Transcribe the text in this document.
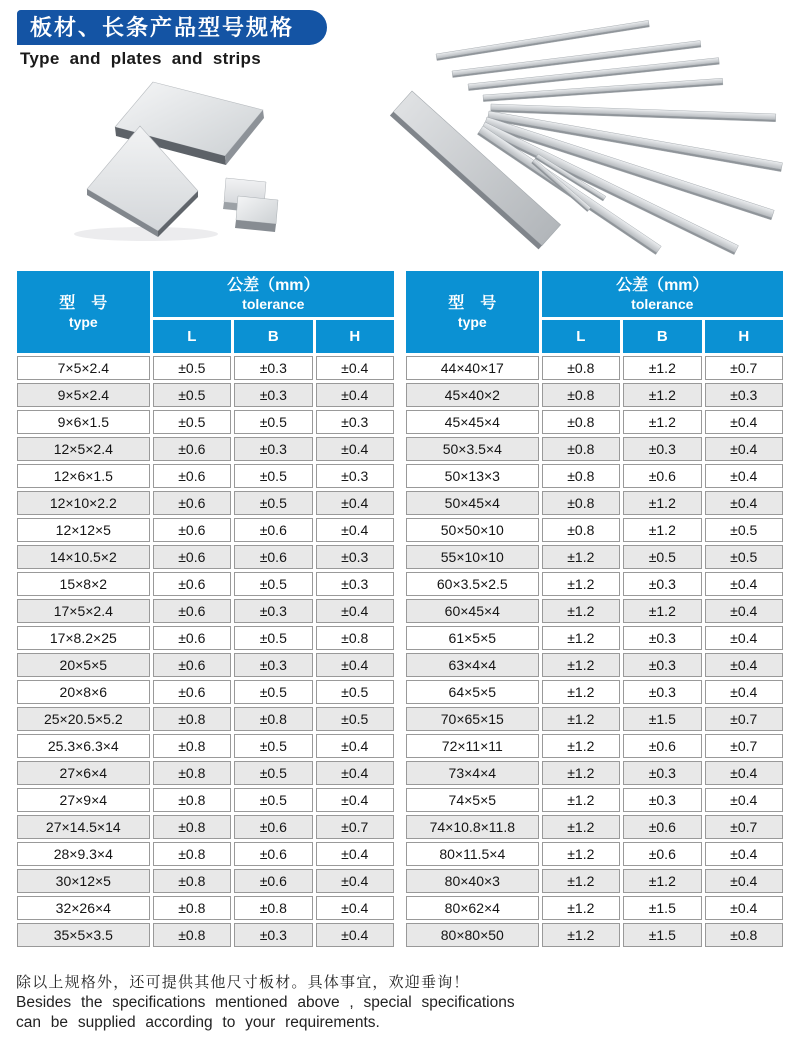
板材、长条产品型号规格
Type and plates and strips
型　号
type

公差（mm）
tolerance

	L	B	H
7×5×2.4	±0.5	±0.3	±0.4
9×5×2.4	±0.5	±0.3	±0.4
9×6×1.5	±0.5	±0.5	±0.3
12×5×2.4	±0.6	±0.3	±0.4
12×6×1.5	±0.6	±0.5	±0.3
12×10×2.2	±0.6	±0.5	±0.4
12×12×5	±0.6	±0.6	±0.4
14×10.5×2	±0.6	±0.6	±0.3
15×8×2	±0.6	±0.5	±0.3
17×5×2.4	±0.6	±0.3	±0.4
17×8.2×25	±0.6	±0.5	±0.8
20×5×5	±0.6	±0.3	±0.4
20×8×6	±0.6	±0.5	±0.5
25×20.5×5.2	±0.8	±0.8	±0.5
25.3×6.3×4	±0.8	±0.5	±0.4
27×6×4	±0.8	±0.5	±0.4
27×9×4	±0.8	±0.5	±0.4
27×14.5×14	±0.8	±0.6	±0.7
28×9.3×4	±0.8	±0.6	±0.4
30×12×5	±0.8	±0.6	±0.4
32×26×4	±0.8	±0.8	±0.4
35×5×3.5	±0.8	±0.3	±0.4
型　号
type

公差（mm）
tolerance

	L	B	H
44×40×17	±0.8	±1.2	±0.7
45×40×2	±0.8	±1.2	±0.3
45×45×4	±0.8	±1.2	±0.4
50×3.5×4	±0.8	±0.3	±0.4
50×13×3	±0.8	±0.6	±0.4
50×45×4	±0.8	±1.2	±0.4
50×50×10	±0.8	±1.2	±0.5
55×10×10	±1.2	±0.5	±0.5
60×3.5×2.5	±1.2	±0.3	±0.4
60×45×4	±1.2	±1.2	±0.4
61×5×5	±1.2	±0.3	±0.4
63×4×4	±1.2	±0.3	±0.4
64×5×5	±1.2	±0.3	±0.4
70×65×15	±1.2	±1.5	±0.7
72×11×11	±1.2	±0.6	±0.7
73×4×4	±1.2	±0.3	±0.4
74×5×5	±1.2	±0.3	±0.4
74×10.8×11.8	±1.2	±0.6	±0.7
80×11.5×4	±1.2	±0.6	±0.4
80×40×3	±1.2	±1.2	±0.4
80×62×4	±1.2	±1.5	±0.4
80×80×50	±1.2	±1.5	±0.8
除以上规格外，还可提供其他尺寸板材。具体事宜，欢迎垂询！
Besides the specifications mentioned above , special specifications
can be supplied according to your requirements.
